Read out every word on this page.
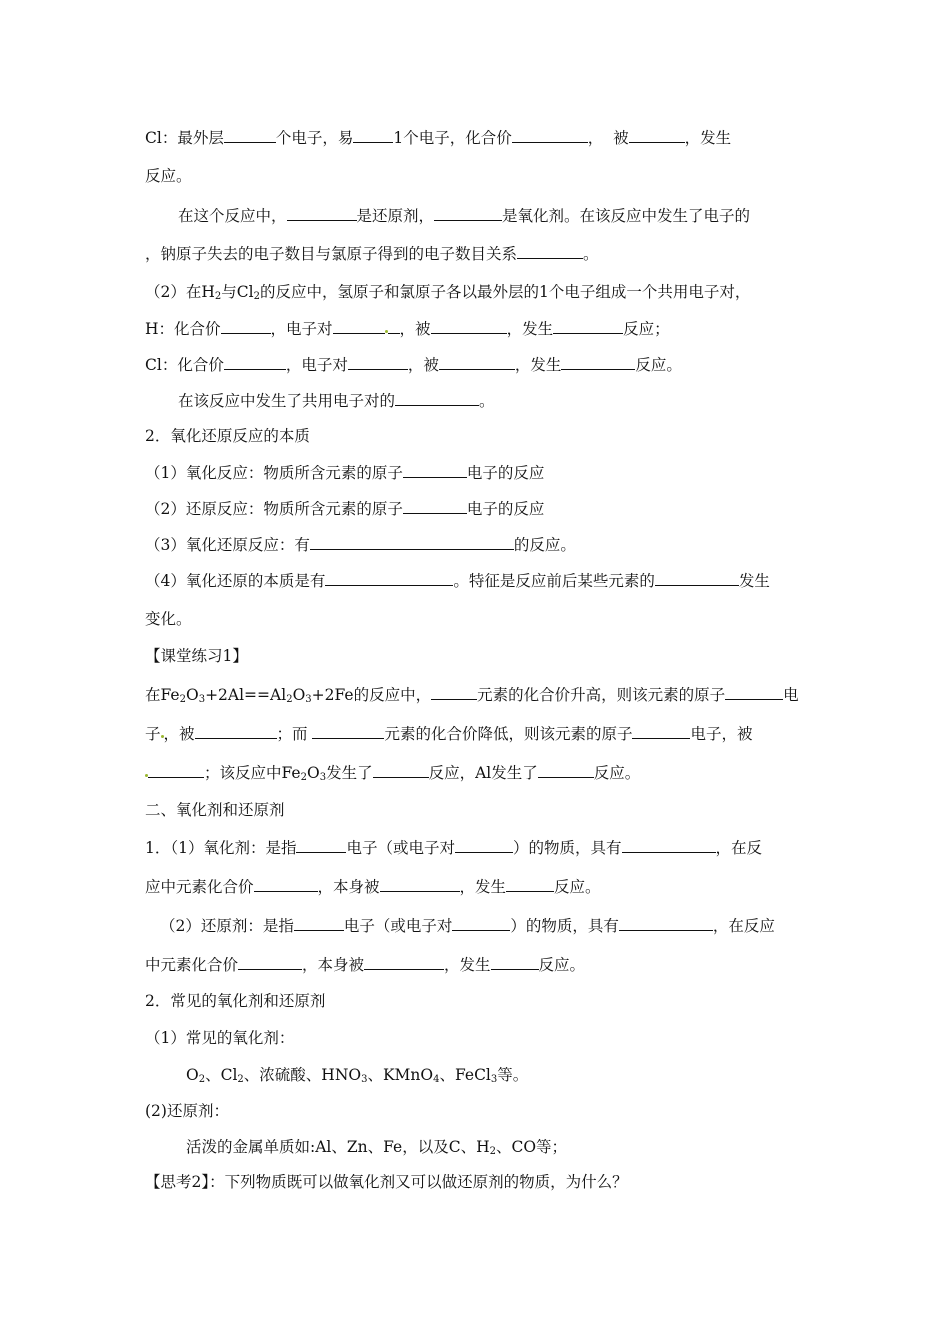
Cl：最外层	个电子，易	1个电子，化合价	，  被	，发生
反应。
在这个反应中，	是还原剂，	是氧化剂。在该反应中发生了电子的
，钠原子失去的电子数目与氯原子得到的电子数目关系	。
（2）在$H_2$与$Cl_2$的反应中，氢原子和氯原子各以最外层的1个电子组成一个共用电子对，
H：化合价	，电子对	，被	，发生	反应；
Cl：化合价	，电子对	，被	，发生	反应。
在该反应中发生了共用电子对的	。
2．氧化还原反应的本质
（1）氧化反应：物质所含元素的原子	电子的反应
（2）还原反应：物质所含元素的原子	电子的反应
（3）氧化还原反应：有	的反应。
（4）氧化还原的本质是有	。特征是反应前后某些元素的	发生
变化。
【课堂练习1】
在$Fe_2O_3+2Al==Al_2O_3+2Fe$的反应中，	元素的化合价升高，则该元素的原子	电
子 ，被	；而	元素的化合价降低，则该元素的原子	电子，被
；该反应中$Fe_2O_3$发生了	反应，Al发生了	反应。
二、氧化剂和还原剂
1．（1）氧化剂：是指	电子（或电子对	）的物质，具有	，在反
应中元素化合价	，本身被	，发生	反应。
（2）还原剂：是指	电子（或电子对	）的物质，具有	，在反应
中元素化合价	，本身被	，发生	反应。
2．常见的氧化剂和还原剂
（1）常见的氧化剂：
$O_2$、$Cl_2$、浓硫酸、$HNO_3$、KMnO$_4$、FeCl$_3$等。
(2)还原剂：
活泼的金属单质如:Al、Zn、Fe，以及C、$H_2$、CO等；
【思考2】：下列物质既可以做氧化剂又可以做还原剂的物质，为什么？
